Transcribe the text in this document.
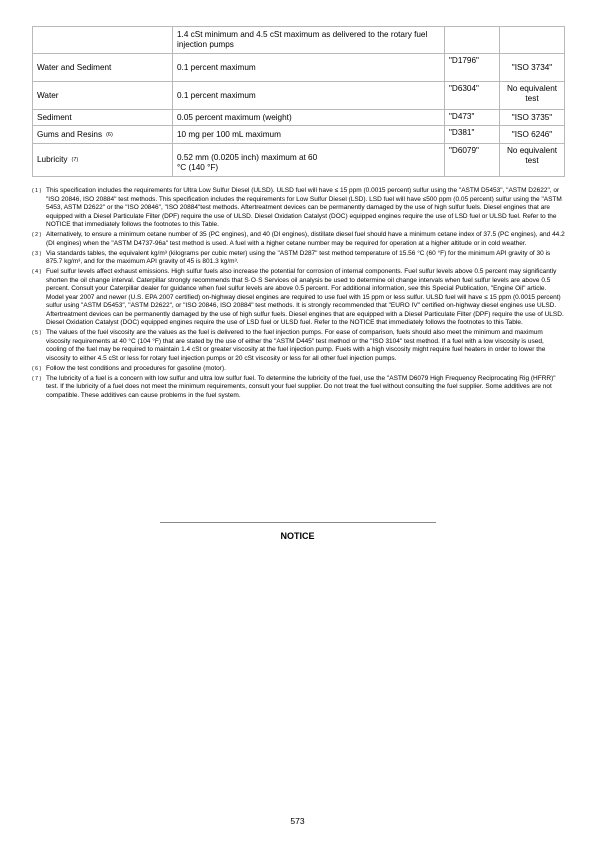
	1.4 cSt minimum and 4.5 cSt maximum as delivered to the rotary fuel injection pumps		
Water and Sediment	0.1 percent maximum	"D1796"	"ISO 3734"
Water	0.1 percent maximum	"D6304"	No equivalent test
Sediment	0.05 percent maximum (weight)	"D473"	"ISO 3735"
Gums and Resins $^{(6)}$	10 mg per 100 mL maximum	"D381"	"ISO 6246"
Lubricity $^{(7)}$	0.52 mm (0.0205 inch) maximum at 60 °C (140 °F)	"D6079"	No equivalent test
( 1 ) This specification includes the requirements for Ultra Low Sulfur Diesel (ULSD). ULSD fuel will have ≤ 15 ppm (0.0015 percent) sulfur using the "ASTM D5453", "ASTM D2622", or "ISO 20846, ISO 20884" test methods. This specification includes the requirements for Low Sulfur Diesel (LSD). LSD fuel will have ≤500 ppm (0.05 percent) sulfur using the "ASTM 5453, ASTM D2622" or the "ISO 20846", "ISO 20884"test methods. Aftertreatment devices can be permanently damaged by the use of high sulfur fuels. Diesel engines that are equipped with a Diesel Particulate Filter (DPF) require the use of ULSD. Diesel Oxidation Catalyst (DOC) equipped engines require the use of LSD fuel or ULSD fuel. Refer to the NOTICE that immediately follows the footnotes to this Table.
( 2 ) Alternatively, to ensure a minimum cetane number of 35 (PC engines), and 40 (DI engines), distillate diesel fuel should have a minimum cetane index of 37.5 (PC engines), and 44.2 (DI engines) when the "ASTM D4737-96a" test method is used. A fuel with a higher cetane number may be required for operation at a higher altitude or in cold weather.
( 3 ) Via standards tables, the equivalent kg/m³ (kilograms per cubic meter) using the "ASTM D287" test method temperature of 15.56 °C (60 °F) for the minimum API gravity of 30 is 875.7 kg/m³, and for the maximum API gravity of 45 is 801.3 kg/m³.
( 4 ) Fuel sulfur levels affect exhaust emissions. High sulfur fuels also increase the potential for corrosion of internal components. Fuel sulfur levels above 0.5 percent may significantly shorten the oil change interval. Caterpillar strongly recommends that S·O·S Services oil analysis be used to determine oil change intervals when fuel sulfur levels are above 0.5 percent. Consult your Caterpillar dealer for guidance when fuel sulfur levels are above 0.5 percent. For additional information, see this Special Publication, "Engine Oil" article. Model year 2007 and newer (U.S. EPA 2007 certified) on-highway diesel engines are required to use fuel with 15 ppm or less sulfur. ULSD fuel will have ≤ 15 ppm (0.0015 percent) sulfur using "ASTM D5453", "ASTM D2622", or "ISO 20846, ISO 20884" test methods. It is strongly recommended that "EURO IV" certified on-highway diesel engines use ULSD. Aftertreatment devices can be permanently damaged by the use of high sulfur fuels. Diesel engines that are equipped with a Diesel Particulate Filter (DPF) require the use of ULSD. Diesel Oxidation Catalyst (DOC) equipped engines require the use of LSD fuel or ULSD fuel. Refer to the NOTICE that immediately follows the footnotes to this Table.
( 5 ) The values of the fuel viscosity are the values as the fuel is delivered to the fuel injection pumps. For ease of comparison, fuels should also meet the minimum and maximum viscosity requirements at 40 °C (104 °F) that are stated by the use of either the "ASTM D445" test method or the "ISO 3104" test method. If a fuel with a low viscosity is used, cooling of the fuel may be required to maintain 1.4 cSt or greater viscosity at the fuel injection pump. Fuels with a high viscosity might require fuel heaters in order to lower the viscosity to either 4.5 cSt or less for rotary fuel injection pumps or 20 cSt viscosity or less for all other fuel injection pumps.
( 6 ) Follow the test conditions and procedures for gasoline (motor).
( 7 ) The lubricity of a fuel is a concern with low sulfur and ultra low sulfur fuel. To determine the lubricity of the fuel, use the "ASTM D6079 High Frequency Reciprocating Rig (HFRR)" test. If the lubricity of a fuel does not meet the minimum requirements, consult your fuel supplier. Do not treat the fuel without consulting the fuel supplier. Some additives are not compatible. These additives can cause problems in the fuel system.
NOTICE
573
